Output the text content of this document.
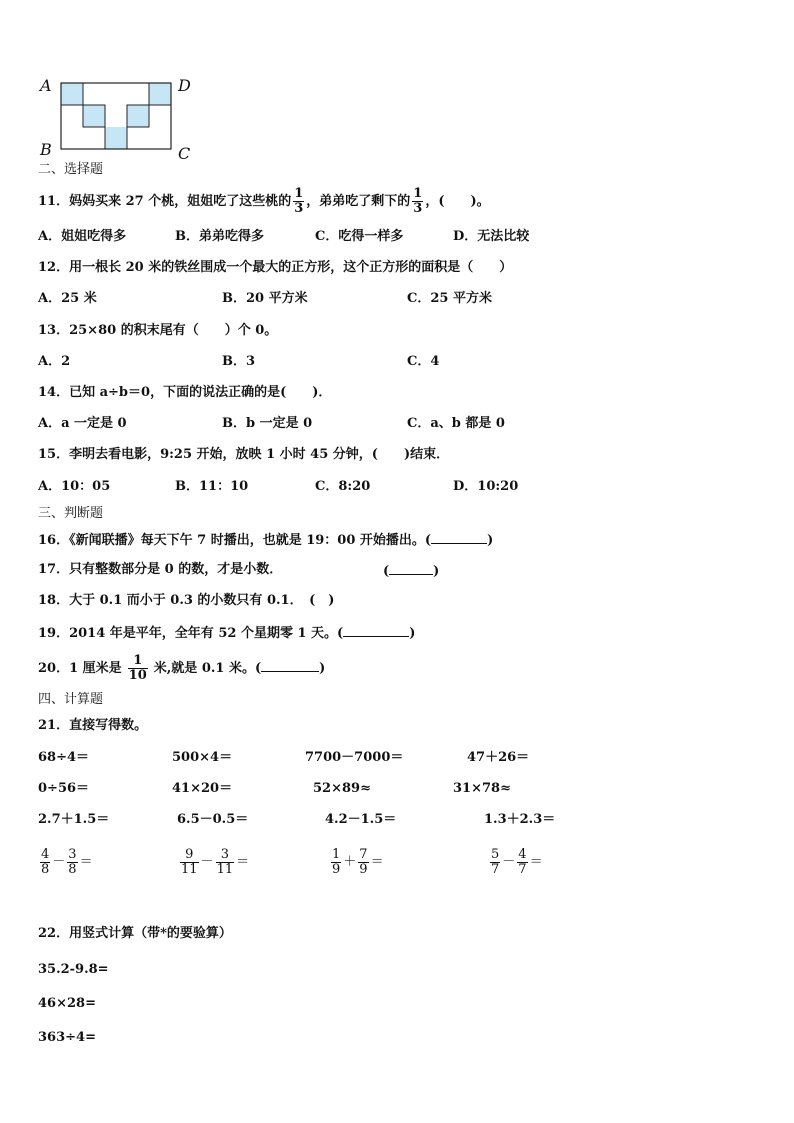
A	D
B	C
二、选择题
11．妈妈买来 27 个桃，姐姐吃了这些桃的 $\frac{1}{3}$ ，弟弟吃了剩下的 $\frac{1}{3}$ ，(　　)。
A．姐姐吃得多	B．弟弟吃得多	C．吃得一样多	D．无法比较
12．用一根长 20 米的铁丝围成一个最大的正方形，这个正方形的面积是（　　）
A．25 米	B．20 平方米	C．25 平方米
13．25×80 的积末尾有（　　）个 0。
A．2	B．3	C．4
14．已知 a÷b＝0，下面的说法正确的是(　　)．
A．a 一定是 0	B．b 一定是 0	C．a、b 都是 0
15．李明去看电影，9:25 开始，放映 1 小时 45 分钟，(　　)结束．
A．10：05	B．11：10	C．8:20	D．10:20
三、判断题
16．《新闻联播》每天下午 7 时播出，也就是 19：00 开始播出。(	)
17．只有整数部分是 0 的数，才是小数．	(	)
18．大于 0.1 而小于 0.3 的小数只有 0.1．　(　)
19．2014 年是平年，全年有 52 个星期零 1 天。(	)
20．1 厘米是 $\frac{1}{10}$ 米,就是 0.1 米。(	)
四、计算题
21．直接写得数。
68÷4＝	500×4＝	7700－7000＝	47＋26＝
0÷56＝	41×20＝	52×89≈	31×78≈
2.7＋1.5＝	6.5－0.5＝	4.2－1.5＝	1.3＋2.3＝
$\frac{4}{8} - \frac{3}{8}$ ＝	$\frac{9}{11} - \frac{3}{11}$ ＝	$\frac{1}{9} + \frac{7}{9}$ ＝	$\frac{5}{7} - \frac{4}{7}$ ＝
22．用竖式计算（带*的要验算）
35.2-9.8=
46×28=
363÷4=
